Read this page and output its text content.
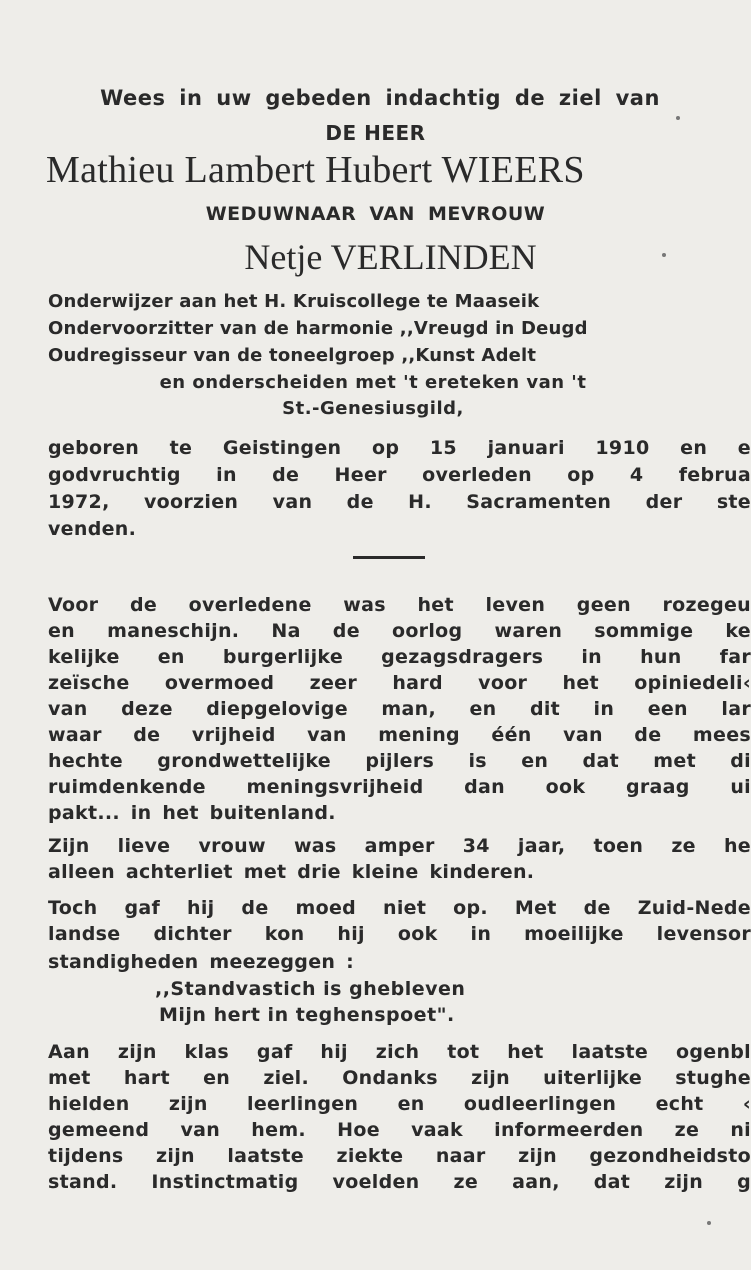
Wees in uw gebeden indachtig de ziel van
DE HEER
Mathieu Lambert Hubert WIEERS
WEDUWNAAR VAN MEVROUW
Netje VERLINDEN
Onderwijzer aan het H. Kruiscollege te Maaseik
Ondervoorzitter van de harmonie ,,Vreugd in Deugd
Oudregisseur van de toneelgroep ,,Kunst Adelt
en onderscheiden met 't ereteken van 't
St.-Genesiusgild,
geboren te Geistingen op 15 januari 1910 en e
godvruchtig in de Heer overleden op 4 februa
1972, voorzien van de H. Sacramenten der ste
venden.
Voor de overledene was het leven geen rozegeu
en maneschijn. Na de oorlog waren sommige ke
kelijke en burgerlijke gezagsdragers in hun far
zeïsche overmoed zeer hard voor het opiniedeli‹
van deze diepgelovige man, en dit in een lar
waar de vrijheid van mening één van de mees
hechte grondwettelijke pijlers is en dat met di
ruimdenkende meningsvrijheid dan ook graag ui
pakt... in het buitenland.
Zijn lieve vrouw was amper 34 jaar, toen ze he
alleen achterliet met drie kleine kinderen.
Toch gaf hij de moed niet op. Met de Zuid-Nede
landse dichter kon hij ook in moeilijke levensor
standigheden meezeggen :
,,Standvastich is ghebleven
Mijn hert in teghenspoet".
Aan zijn klas gaf hij zich tot het laatste ogenbl
met hart en ziel. Ondanks zijn uiterlijke stughe
hielden zijn leerlingen en oudleerlingen echt ‹
gemeend van hem. Hoe vaak informeerden ze ni
tijdens zijn laatste ziekte naar zijn gezondheidsto
stand. Instinctmatig voelden ze aan, dat zijn g
